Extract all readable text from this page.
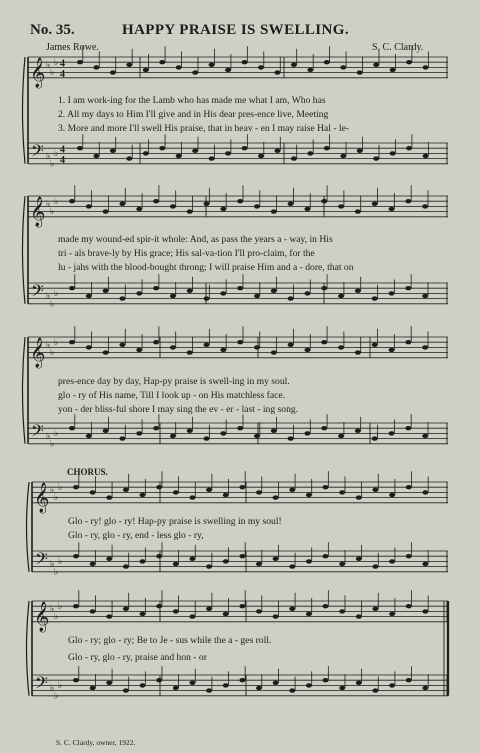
𝄞
𝄢
♭
♭
♭
♭
♭
♭
4
4
4
4
𝄞
𝄢
♭
♭
♭
♭
♭
♭
𝄞
𝄢
♭
♭
♭
♭
♭
♭
𝄞
𝄢
♭
♭
♭
♭
♭
♭
𝄞
𝄢
♭
♭
♭
♭
♭
♭
No. 35.	HAPPY PRAISE IS SWELLING.
James Rowe.	S. C. Clardy.
1. I am work-ing for the Lamb who has made me what I am, Who has
2. All my days to Him I'll give and in His dear pres-ence live, Meeting
3. More and more I'll swell His praise, that in heav - en I may raise Hal - le-
made my wound-ed spir-it whole: And, as pass the years a - way, in His
tri - als brave-ly by His grace; His sal-va-tion I'll pro-claim, for the
lu - jahs with the blood-bought throng; I will praise Him and a - dore, that on
pres-ence day by day, Hap-py praise is swell-ing in my soul.
glo - ry of His name, Till I look up - on His matchless face.
yon - der bliss-ful shore I may sing the ev - er - last - ing song.
CHORUS.
Glo - ry! glo - ry! Hap-py praise is swelling in my soul!
Glo - ry, glo - ry, end - less glo - ry,
Glo - ry; glo - ry; Be to Je - sus while the a - ges roll.
Glo - ry, glo - ry, praise and hon - or
S. C. Clardy, owner, 1922.
